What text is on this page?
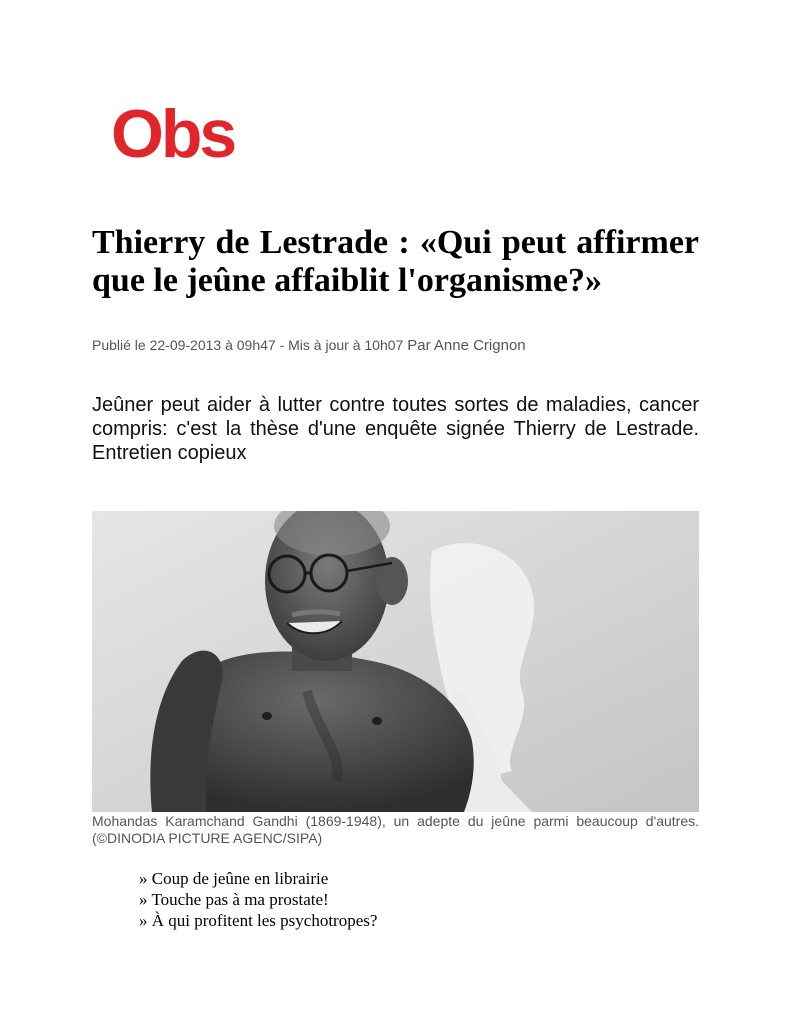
Obs
Thierry de Lestrade : «Qui peut affirmer que le jeûne affaiblit l'organisme?»
Publié le 22-09-2013 à 09h47 - Mis à jour à 10h07 Par Anne Crignon

Jeûner peut aider à lutter contre toutes sortes de maladies, cancer compris: c'est la thèse d'une enquête signée Thierry de Lestrade. Entretien copieux

Mohandas Karamchand Gandhi (1869-1948), un adepte du jeûne parmi beaucoup d'autres. (©DINODIA PICTURE AGENC/SIPA)

» Coup de jeûne en librairie
» Touche pas à ma prostate!
» À qui profitent les psychotropes?
